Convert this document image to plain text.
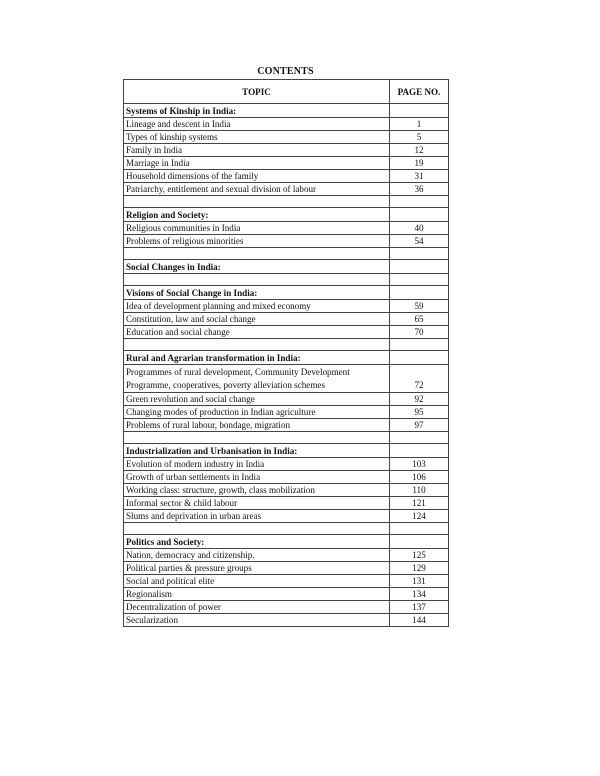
CONTENTS
TOPIC	PAGE NO.
Systems of Kinship in India:	
Lineage and descent in India	1
Types of kinship systems	5
Family in India	12
Marriage in India	19
Household dimensions of the family	31
Patriarchy, entitlement and sexual division of labour	36

Religion and Society:	
Religious communities in India	40
Problems of religious minorities	54

Social Changes in India:	

Visions of Social Change in India:	
Idea of development planning and mixed economy	59
Constitution, law and social change	65
Education and social change	70

Rural and Agrarian transformation in India:	
Programmes of rural development, Community Development Programme, cooperatives, poverty alleviation schemes	72
Green revolution and social change	92
Changing modes of production in Indian agriculture	95
Problems of rural labour, bondage, migration	97

Industrialization and Urbanisation in India:	
Evolution of modern industry in India	103
Growth of urban settlements in India	106
Working class: structure, growth, class mobilization	110
Informal sector & child labour	121
Slums and deprivation in urban areas	124

Politics and Society:	
Nation, democracy and citizenship.	125
Political parties & pressure groups	129
Social and political elite	131
Regionalism	134
Decentralization of power	137
Secularization	144
